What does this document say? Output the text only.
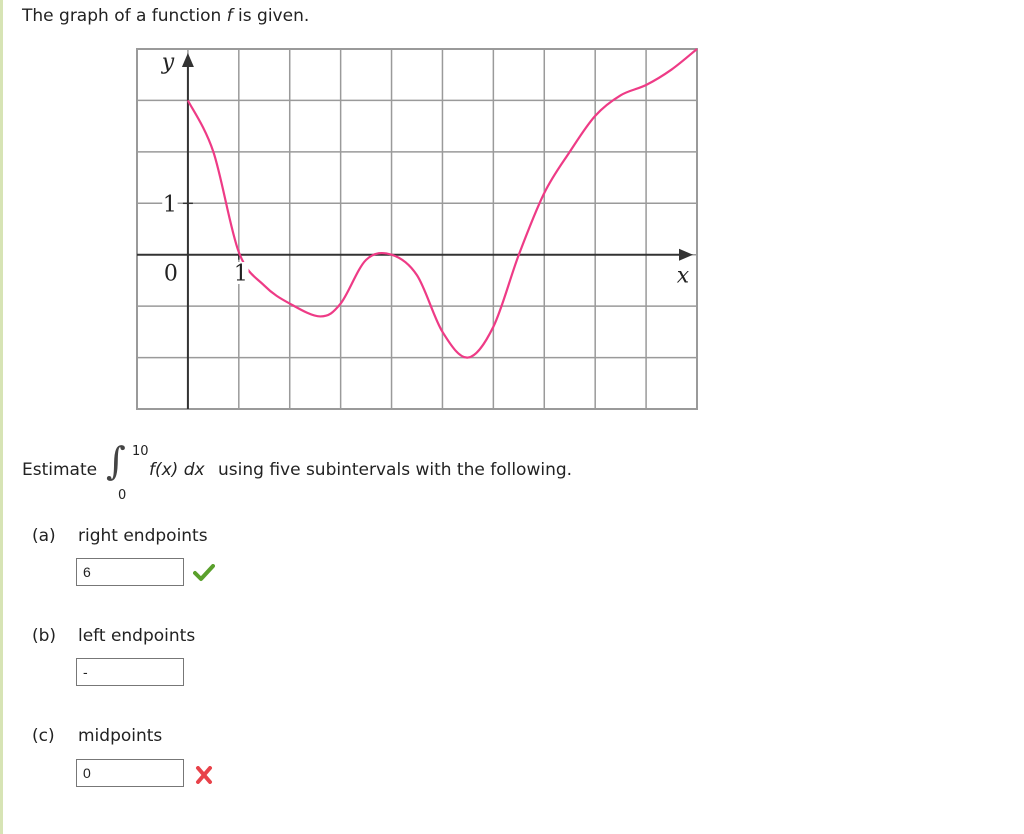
The graph of a function f is given.
0	1
1
y
x
Estimate ∫ 10
0
f(x) dx using five subintervals with the following.
(a) right endpoints
6
(b) left endpoints
-
(c) midpoints
0
